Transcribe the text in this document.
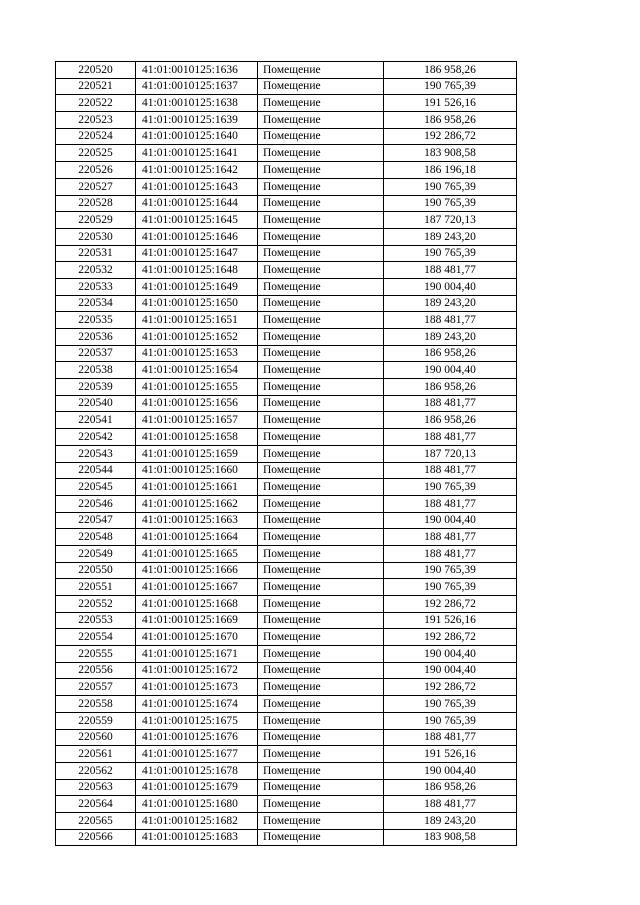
220520	41:01:0010125:1636	Помещение	186 958,26
220521	41:01:0010125:1637	Помещение	190 765,39
220522	41:01:0010125:1638	Помещение	191 526,16
220523	41:01:0010125:1639	Помещение	186 958,26
220524	41:01:0010125:1640	Помещение	192 286,72
220525	41:01:0010125:1641	Помещение	183 908,58
220526	41:01:0010125:1642	Помещение	186 196,18
220527	41:01:0010125:1643	Помещение	190 765,39
220528	41:01:0010125:1644	Помещение	190 765,39
220529	41:01:0010125:1645	Помещение	187 720,13
220530	41:01:0010125:1646	Помещение	189 243,20
220531	41:01:0010125:1647	Помещение	190 765,39
220532	41:01:0010125:1648	Помещение	188 481,77
220533	41:01:0010125:1649	Помещение	190 004,40
220534	41:01:0010125:1650	Помещение	189 243,20
220535	41:01:0010125:1651	Помещение	188 481,77
220536	41:01:0010125:1652	Помещение	189 243,20
220537	41:01:0010125:1653	Помещение	186 958,26
220538	41:01:0010125:1654	Помещение	190 004,40
220539	41:01:0010125:1655	Помещение	186 958,26
220540	41:01:0010125:1656	Помещение	188 481,77
220541	41:01:0010125:1657	Помещение	186 958,26
220542	41:01:0010125:1658	Помещение	188 481,77
220543	41:01:0010125:1659	Помещение	187 720,13
220544	41:01:0010125:1660	Помещение	188 481,77
220545	41:01:0010125:1661	Помещение	190 765,39
220546	41:01:0010125:1662	Помещение	188 481,77
220547	41:01:0010125:1663	Помещение	190 004,40
220548	41:01:0010125:1664	Помещение	188 481,77
220549	41:01:0010125:1665	Помещение	188 481,77
220550	41:01:0010125:1666	Помещение	190 765,39
220551	41:01:0010125:1667	Помещение	190 765,39
220552	41:01:0010125:1668	Помещение	192 286,72
220553	41:01:0010125:1669	Помещение	191 526,16
220554	41:01:0010125:1670	Помещение	192 286,72
220555	41:01:0010125:1671	Помещение	190 004,40
220556	41:01:0010125:1672	Помещение	190 004,40
220557	41:01:0010125:1673	Помещение	192 286,72
220558	41:01:0010125:1674	Помещение	190 765,39
220559	41:01:0010125:1675	Помещение	190 765,39
220560	41:01:0010125:1676	Помещение	188 481,77
220561	41:01:0010125:1677	Помещение	191 526,16
220562	41:01:0010125:1678	Помещение	190 004,40
220563	41:01:0010125:1679	Помещение	186 958,26
220564	41:01:0010125:1680	Помещение	188 481,77
220565	41:01:0010125:1682	Помещение	189 243,20
220566	41:01:0010125:1683	Помещение	183 908,58
